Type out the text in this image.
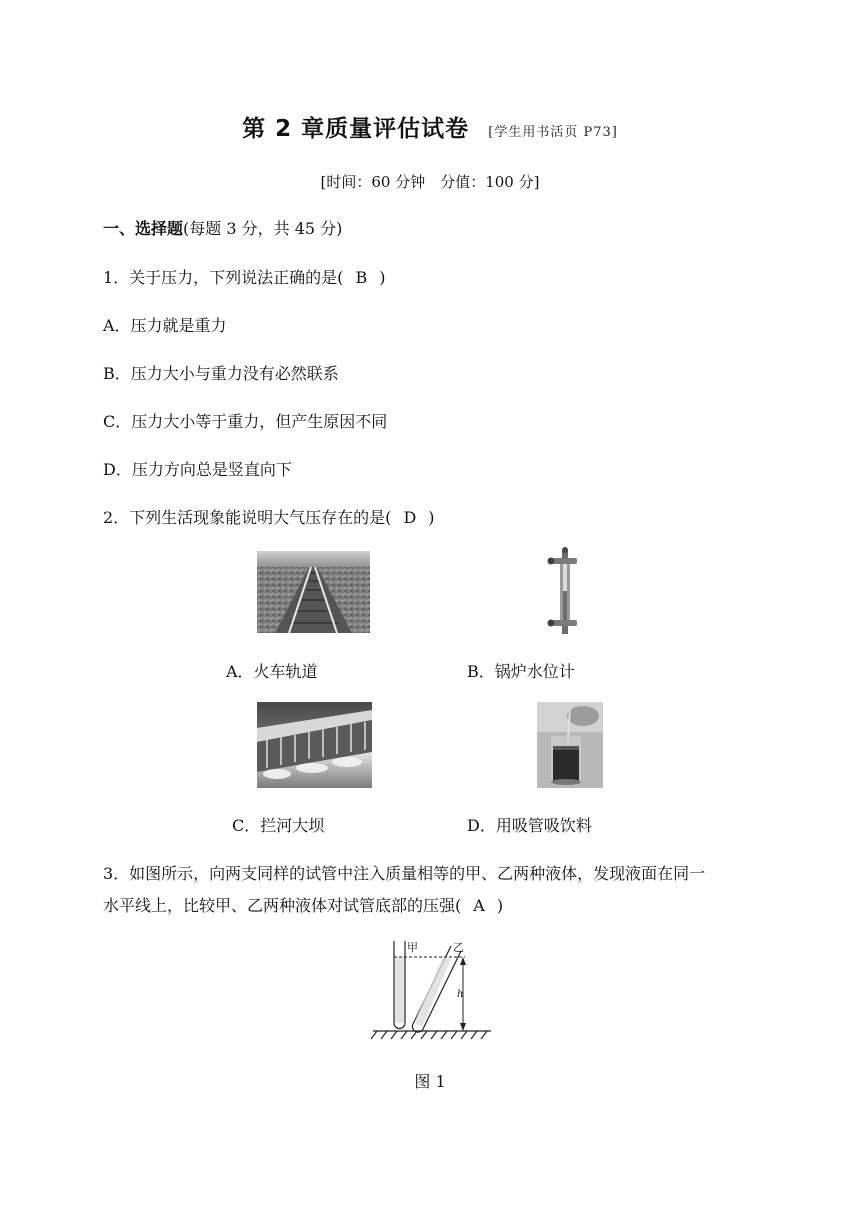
第 2 章质量评估试卷 [学生用书活页 P73]
[时间：60 分钟　分值：100 分]
一、选择题(每题 3 分，共 45 分)
1．关于压力，下列说法正确的是( B )
A．压力就是重力
B．压力大小与重力没有必然联系
C．压力大小等于重力，但产生原因不同
D．压力方向总是竖直向下
2．下列生活现象能说明大气压存在的是( D )
A．火车轨道	B．锅炉水位计
C．拦河大坝	D．用吸管吸饮料
3．如图所示，向两支同样的试管中注入质量相等的甲、乙两种液体，发现液面在同一
水平线上，比较甲、乙两种液体对试管底部的压强( A )
甲	乙
h
图 1
